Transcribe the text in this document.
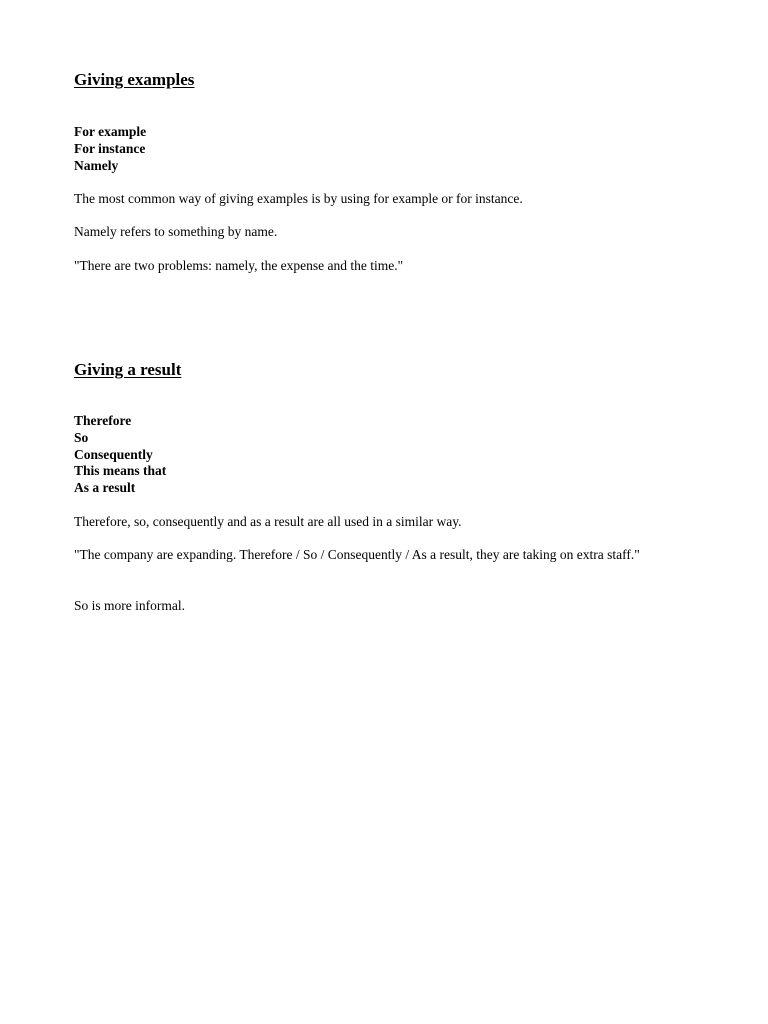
Giving examples
For example
For instance
Namely

The most common way of giving examples is by using for example or for instance.

Namely refers to something by name.

"There are two problems: namely, the expense and the time."

Giving a result
Therefore
So
Consequently
This means that
As a result

Therefore, so, consequently and as a result are all used in a similar way.

"The company are expanding. Therefore / So / Consequently / As a result, they are taking on extra staff."

So is more informal.
